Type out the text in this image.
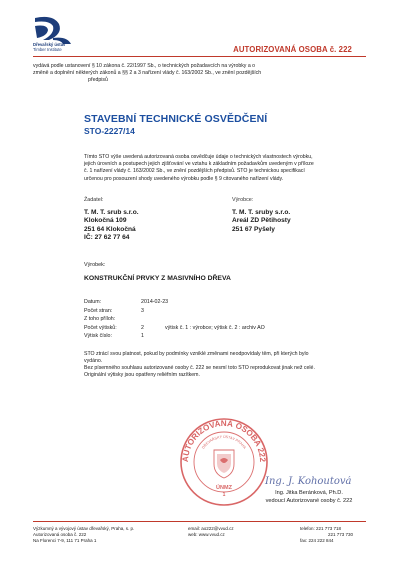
Dřevařský ústav
Timber Institute	AUTORIZOVANÁ OSOBA č. 222
vydává podle ustanovení § 10 zákona č. 22/1997 Sb., o technických požadavcích na výrobky a o
změně a doplnění některých zákonů a §§ 2 a 3 nařízení vlády č. 163/2002 Sb., ve znění pozdějších
předpisů
STAVEBNÍ TECHNICKÉ OSVĚDČENÍ
STO-2227/14
Tímto STO výše uvedená autorizovaná osoba osvědčuje údaje o technických vlastnostech výrobku,
jejich úrovních a postupech jejich zjišťování ve vztahu k základním požadavkům uvedeným v příloze
č. 1 nařízení vlády č. 163/2002 Sb., ve znění pozdějších předpisů. STO je technickou specifikací
určenou pro posouzení shody uvedeného výrobku podle § 9 citovaného nařízení vlády.
Žadatel:
T. M. T. srub s.r.o.
Klokočná 109
251 64 Klokočná
IČ: 27 62 77 64
Výrobce:
T. M. T. sruby s.r.o.
Areál ZD Pětihosty
251 67 Pyšely
Výrobek:
KONSTRUKČNÍ PRVKY Z MASIVNÍHO DŘEVA
Datum:	2014-02-23
Počet stran:	3
Z toho příloh:
Počet výtisků:	2	výtisk č. 1 : výrobce; výtisk č. 2 : archiv AO
Výtisk číslo:	1
STO ztrácí svou platnost, pokud by podmínky vzniklé změnami neodpovídaly těm, při kterých bylo
vydáno.
Bez písemného souhlasu autorizované osoby č. 222 se nesmí toto STO reprodukovat jinak než celé.
Originální výtisky jsou opatřeny reliéfním razítkem.
AUTORIZOVANÁ OSOBA 222
DŘEVAŘSKÝ ÚSTAV PRAHA
ÚNMZ
1
Ing. J. Kohoutová
Ing. Jitka Beránková, Ph.D.
vedoucí Autorizované osoby č. 222
Výzkumný a vývojový ústav dřevařský, Praha, s. p.
Autorizovaná osoba č. 222
Na Florenci 7-9, 111 71 Praha 1
email: ao222@vvud.cz
web: www.vvud.cz
telefon: 221 773 718
221 773 730
fax: 224 222 844
